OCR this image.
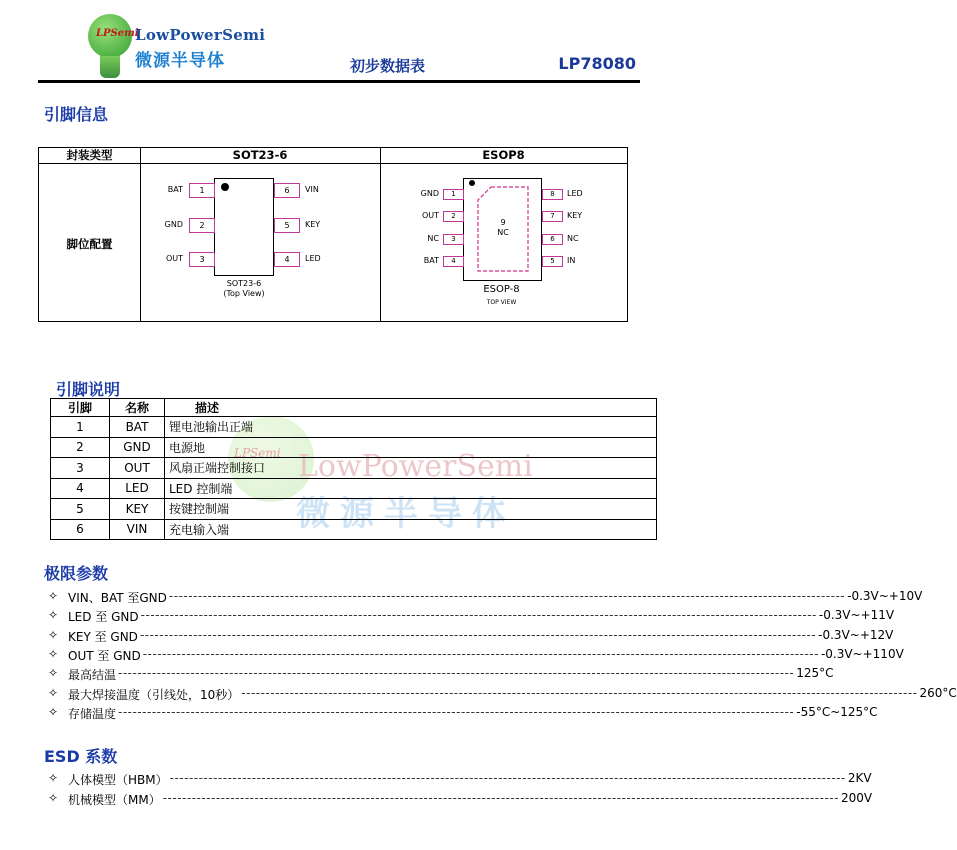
LPSemi
LowPowerSemi
微源半导体	初步数据表	LP78080
引脚信息
封装类型	SOT23-6	ESOP8
脚位配置
1
BAT
2
GND
3
OUT
6	VIN
5	KEY
4	LED
SOT23-6
(Top View)
9
NC
1
GND
2
OUT
3
NC
4
BAT
8	LED
7	KEY
6	NC
5	IN
ESOP-8
TOP VIEW
引脚说明
LPSemi LowPowerSemi
微源半导体
引脚	名称	描述
1	BAT	锂电池输出正端
2	GND	电源地
3	OUT	风扇正端控制接口
4	LED	LED 控制端
5	KEY	按键控制端
6	VIN	充电输入端
极限参数
✧ VIN、BAT 至GND -------------------------------------------------------------------------------------------------------------------------------------------- -0.3V~+10V
✧ LED 至 GND -------------------------------------------------------------------------------------------------------------------------------------------- -0.3V~+11V
✧ KEY 至 GND -------------------------------------------------------------------------------------------------------------------------------------------- -0.3V~+12V
✧ OUT 至 GND -------------------------------------------------------------------------------------------------------------------------------------------- -0.3V~+110V
✧ 最高结温 -------------------------------------------------------------------------------------------------------------------------------------------- 125°C
✧ 最大焊接温度（引线处，10秒） -------------------------------------------------------------------------------------------------------------------------------------------- 260°C
✧ 存储温度 -------------------------------------------------------------------------------------------------------------------------------------------- -55°C~125°C
ESD 系数
✧ 人体模型（HBM） -------------------------------------------------------------------------------------------------------------------------------------------- 2KV
✧ 机械模型（MM） -------------------------------------------------------------------------------------------------------------------------------------------- 200V
